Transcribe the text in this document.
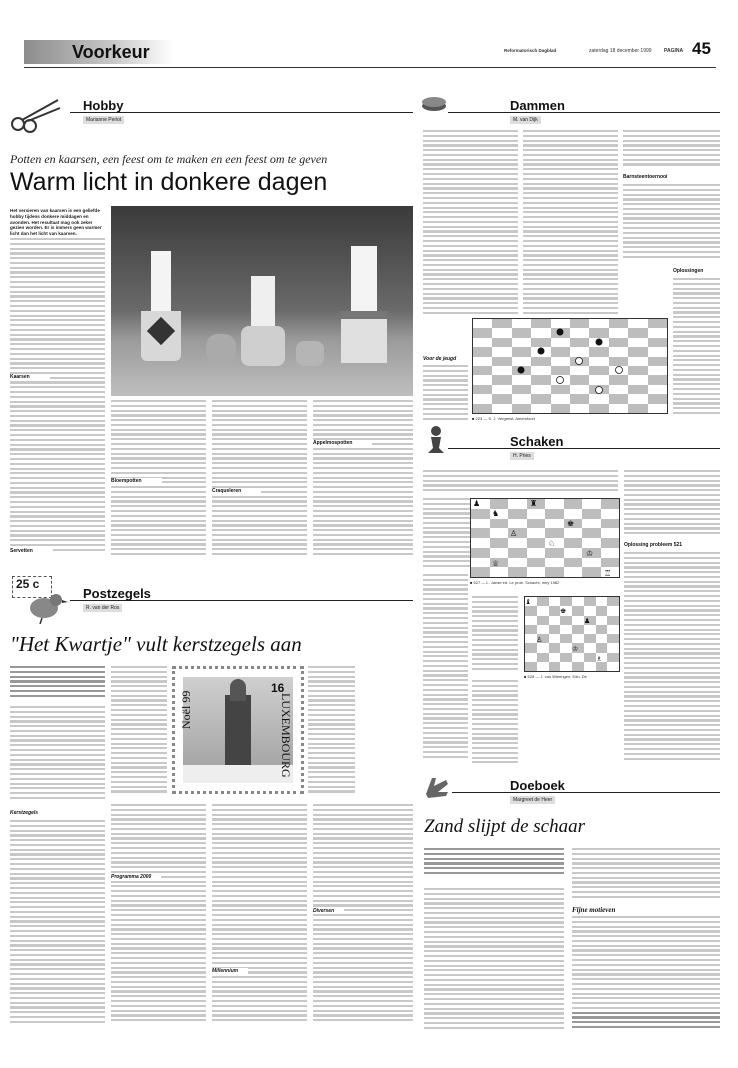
Voorkeur	Reformatorisch Dagblad	zaterdag 18 december 1999 PAGINA 45
Hobby
Marianne Perlot
Potten en kaarsen, een feest om te maken en een feest om te geven
Warm licht in donkere dagen
Het versieren van kaarsen is een geliefde hobby tijdens donkere middagen en avonden. Het resultaat mag ook zeker gezien worden. Er is immers geen warmer licht dan het licht van kaarsen.
Kaarsen
Servetten
Bloempotten
Craqueleren
Appelmospotten
Dammen
M. van Dijk
Barnsteentoernooi
Oplossingen
Voor de jeugd
■ 223 — S. J. Vergeest, Amersfoort
Schaken
H. Pries
♟
♞
♜
♚
♙
♘
♔
♕
♖
■ 527 — L. Janse ed. Le prob. Schacht, mey 1982
♝
♚
♟
♙
♔
♗
■ 528 — J. van Wieringen, Edn. De
Oplossing probleem 521
25 c
Postzegels
R. van der Ros
"Het Kwartje" vult kerstzegels aan
Kerstzegels
16
Noël 99	LUXEMBOURG
Programma 2000
Millennium
Diversen
Doeboek
Margreet de Heer
Zand slijpt de schaar
Fijne motieven
